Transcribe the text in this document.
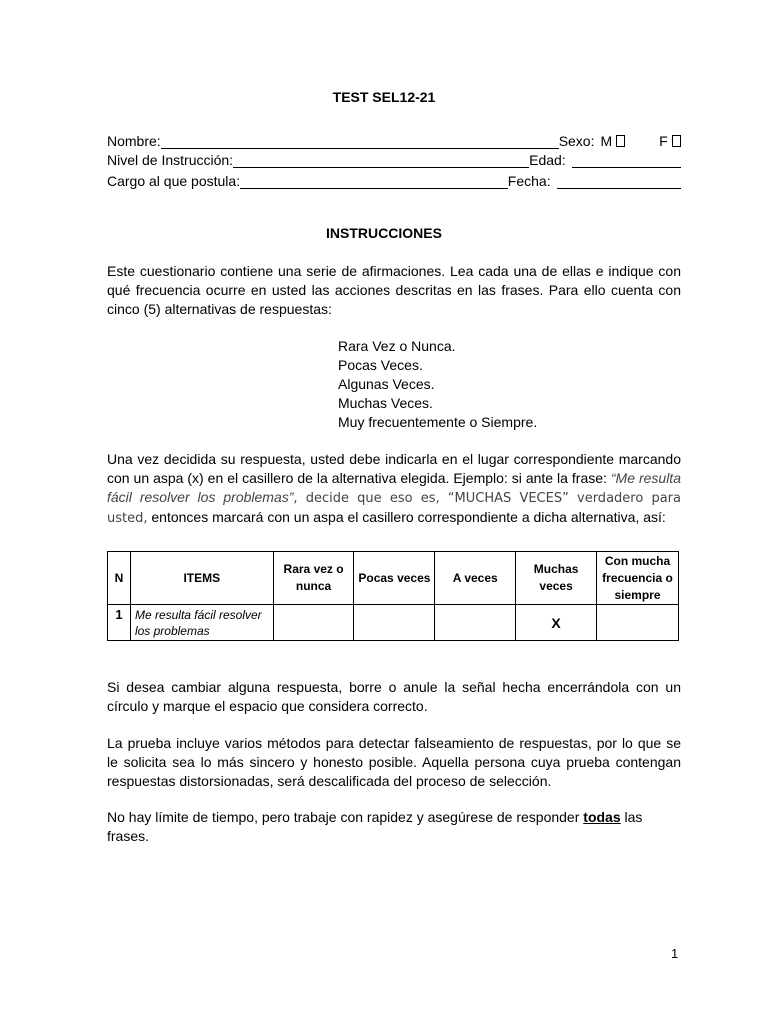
TEST SEL12-21
Nombre:	Sexo: M	F
Nivel de Instrucción:	Edad:
Cargo al que postula:	Fecha:
INSTRUCCIONES

Este cuestionario contiene una serie de afirmaciones. Lea cada una de ellas e indique con qué frecuencia ocurre en usted las acciones descritas en las frases. Para ello cuenta con cinco (5) alternativas de respuestas:

Rara Vez o Nunca.
Pocas Veces.
Algunas Veces.
Muchas Veces.
Muy frecuentemente o Siempre.

Una vez decidida su respuesta, usted debe indicarla en el lugar correspondiente marcando con un aspa (x) en el casillero de la alternativa elegida. Ejemplo: si ante la frase: “Me resulta fácil resolver los problemas”, decide que eso es, “MUCHAS VECES” verdadero para usted, entonces marcará con un aspa el casillero correspondiente a dicha alternativa, así:

N	ITEMS	Rara vez o nunca	Pocas veces	A veces	Muchas veces	Con mucha frecuencia o siempre
1	Me resulta fácil resolver los problemas				X	

Si desea cambiar alguna respuesta, borre o anule la señal hecha encerrándola con un círculo y marque el espacio que considera correcto.

La prueba incluye varios métodos para detectar falseamiento de respuestas, por lo que se le solicita sea lo más sincero y honesto posible. Aquella persona cuya prueba contengan respuestas distorsionadas, será descalificada del proceso de selección.

No hay límite de tiempo, pero trabaje con rapidez y asegúrese de responder todas las frases.

1
